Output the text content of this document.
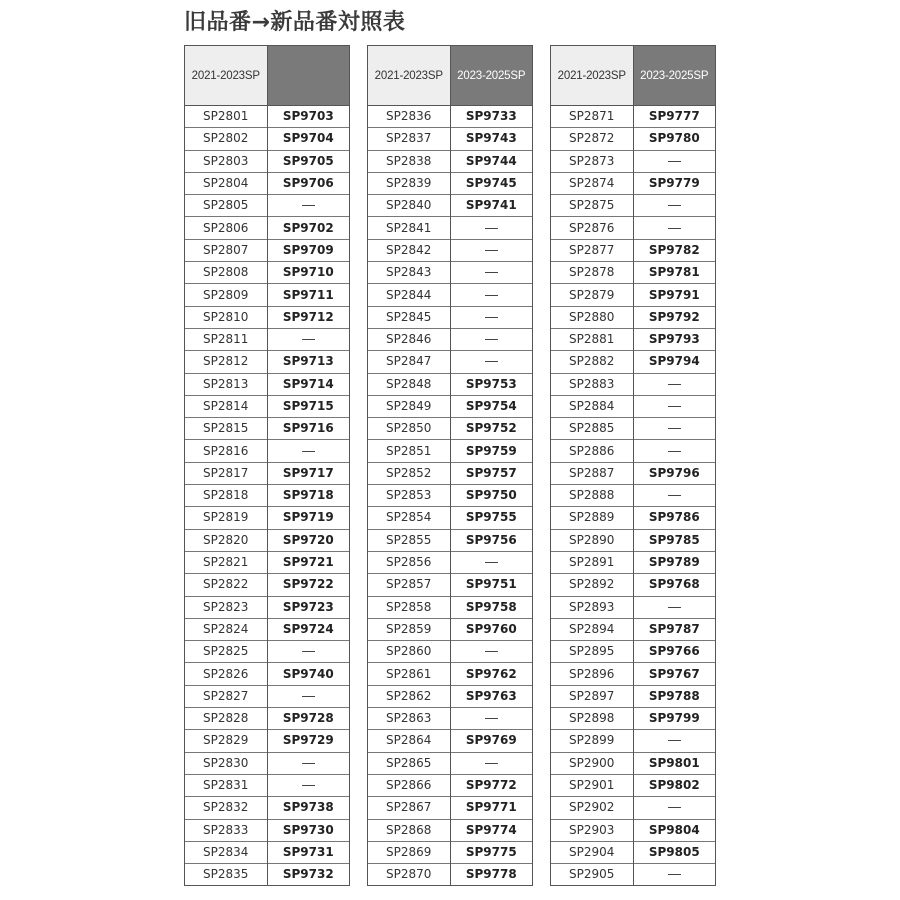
旧品番→新品番対照表
2021-2023SP	
SP2801	SP9703
SP2802	SP9704
SP2803	SP9705
SP2804	SP9706
SP2805	
SP2806	SP9702
SP2807	SP9709
SP2808	SP9710
SP2809	SP9711
SP2810	SP9712
SP2811	
SP2812	SP9713
SP2813	SP9714
SP2814	SP9715
SP2815	SP9716
SP2816	
SP2817	SP9717
SP2818	SP9718
SP2819	SP9719
SP2820	SP9720
SP2821	SP9721
SP2822	SP9722
SP2823	SP9723
SP2824	SP9724
SP2825	
SP2826	SP9740
SP2827	
SP2828	SP9728
SP2829	SP9729
SP2830	
SP2831	
SP2832	SP9738
SP2833	SP9730
SP2834	SP9731
SP2835	SP9732
2021-2023SP	2023-2025SP
SP2836	SP9733
SP2837	SP9743
SP2838	SP9744
SP2839	SP9745
SP2840	SP9741
SP2841	
SP2842	
SP2843	
SP2844	
SP2845	
SP2846	
SP2847	
SP2848	SP9753
SP2849	SP9754
SP2850	SP9752
SP2851	SP9759
SP2852	SP9757
SP2853	SP9750
SP2854	SP9755
SP2855	SP9756
SP2856	
SP2857	SP9751
SP2858	SP9758
SP2859	SP9760
SP2860	
SP2861	SP9762
SP2862	SP9763
SP2863	
SP2864	SP9769
SP2865	
SP2866	SP9772
SP2867	SP9771
SP2868	SP9774
SP2869	SP9775
SP2870	SP9778
2021-2023SP	2023-2025SP
SP2871	SP9777
SP2872	SP9780
SP2873	
SP2874	SP9779
SP2875	
SP2876	
SP2877	SP9782
SP2878	SP9781
SP2879	SP9791
SP2880	SP9792
SP2881	SP9793
SP2882	SP9794
SP2883	
SP2884	
SP2885	
SP2886	
SP2887	SP9796
SP2888	
SP2889	SP9786
SP2890	SP9785
SP2891	SP9789
SP2892	SP9768
SP2893	
SP2894	SP9787
SP2895	SP9766
SP2896	SP9767
SP2897	SP9788
SP2898	SP9799
SP2899	
SP2900	SP9801
SP2901	SP9802
SP2902	
SP2903	SP9804
SP2904	SP9805
SP2905	
